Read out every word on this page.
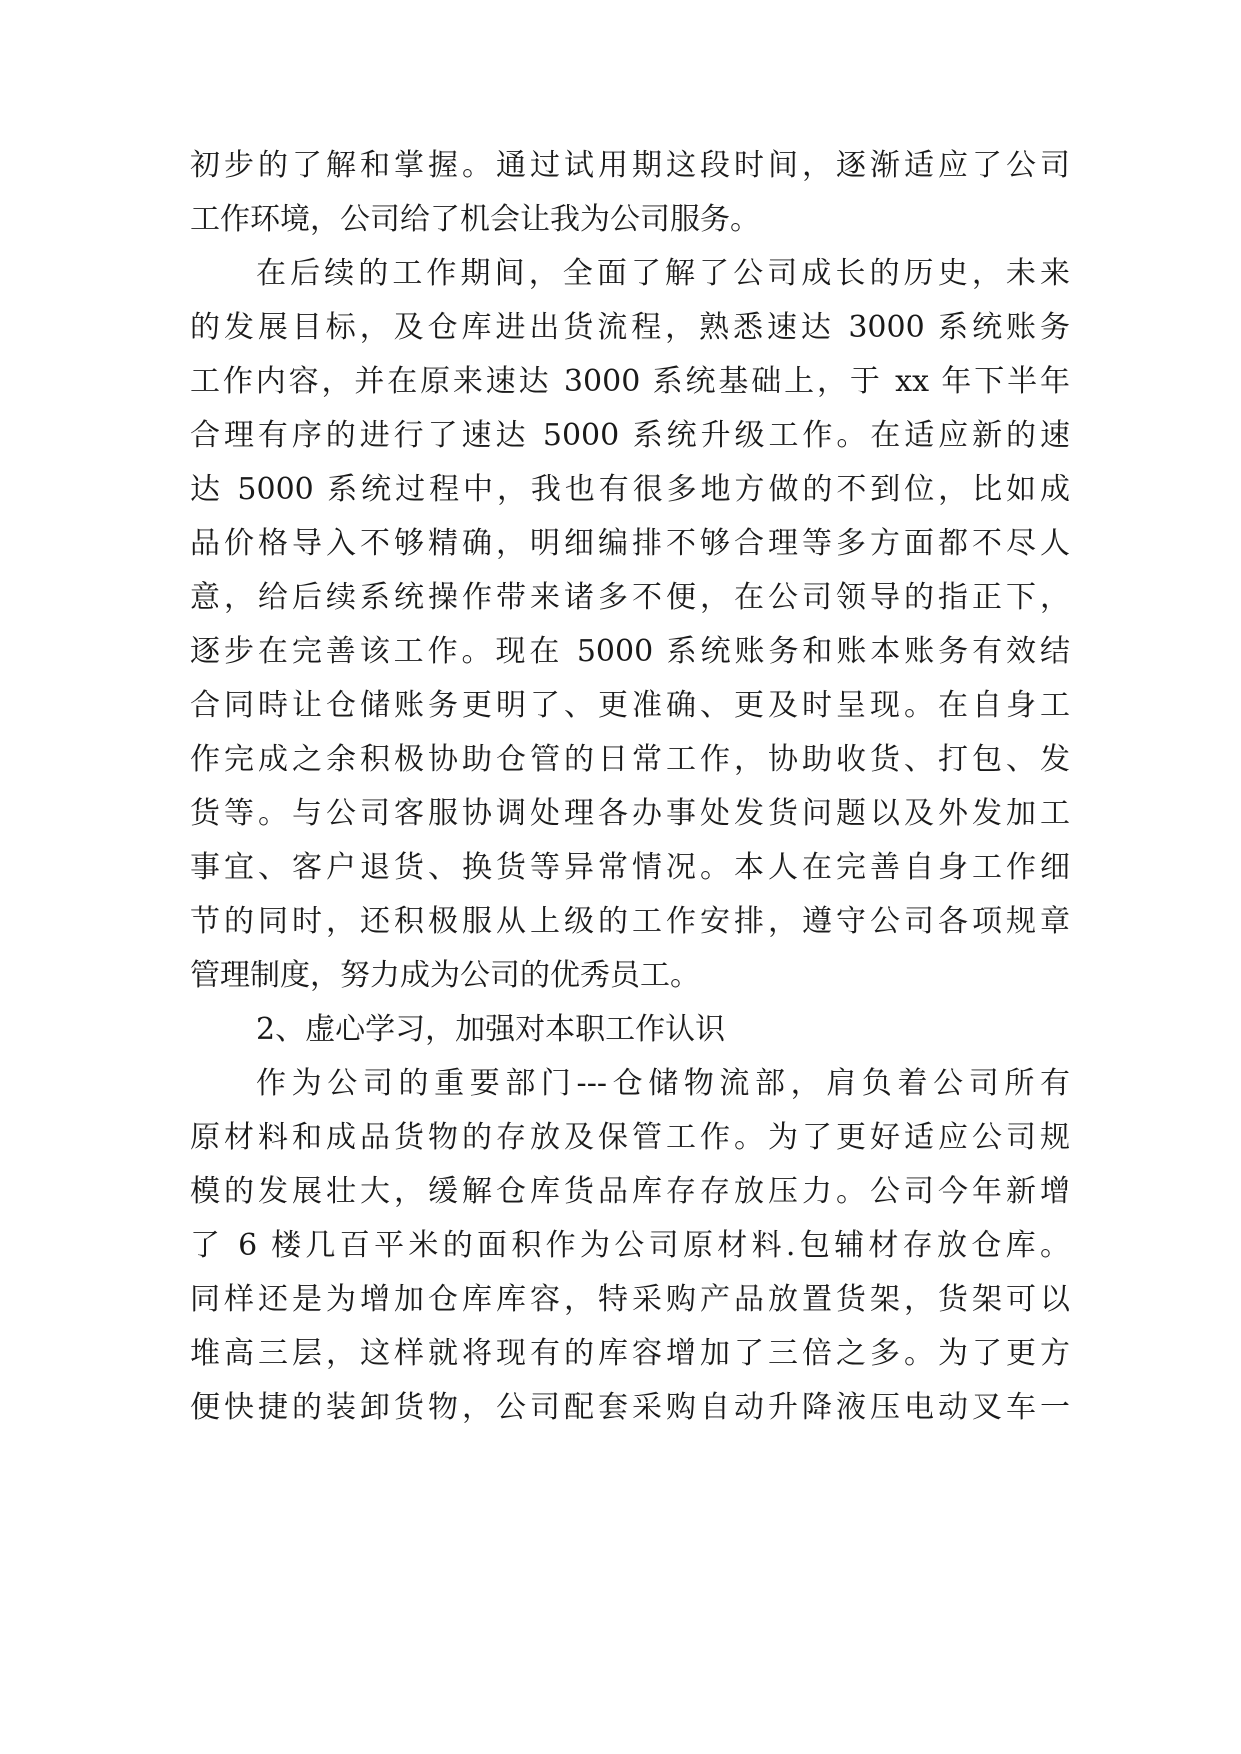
初步的了解和掌握。通过试用期这段时间，逐渐适应了公司
工作环境，公司给了机会让我为公司服务。
在后续的工作期间，全面了解了公司成长的历史，未来
的发展目标，及仓库进出货流程，熟悉速达 3000 系统账务
工作内容，并在原来速达 3000 系统基础上，于 xx 年下半年
合理有序的进行了速达 5000 系统升级工作。在适应新的速
达 5000 系统过程中，我也有很多地方做的不到位，比如成
品价格导入不够精确，明细编排不够合理等多方面都不尽人
意，给后续系统操作带来诸多不便，在公司领导的指正下，
逐步在完善该工作。现在 5000 系统账务和账本账务有效结
合同時让仓储账务更明了、更准确、更及时呈现。在自身工
作完成之余积极协助仓管的日常工作，协助收货、打包、发
货等。与公司客服协调处理各办事处发货问题以及外发加工
事宜、客户退货、换货等异常情况。本人在完善自身工作细
节的同时，还积极服从上级的工作安排，遵守公司各项规章
管理制度，努力成为公司的优秀员工。
2、虚心学习，加强对本职工作认识
作为公司的重要部门---仓储物流部，肩负着公司所有
原材料和成品货物的存放及保管工作。为了更好适应公司规
模的发展壮大，缓解仓库货品库存存放压力。公司今年新增
了 6 楼几百平米的面积作为公司原材料.包辅材存放仓库。
同样还是为增加仓库库容，特采购产品放置货架，货架可以
堆高三层，这样就将现有的库容增加了三倍之多。为了更方
便快捷的装卸货物，公司配套采购自动升降液压电动叉车一
